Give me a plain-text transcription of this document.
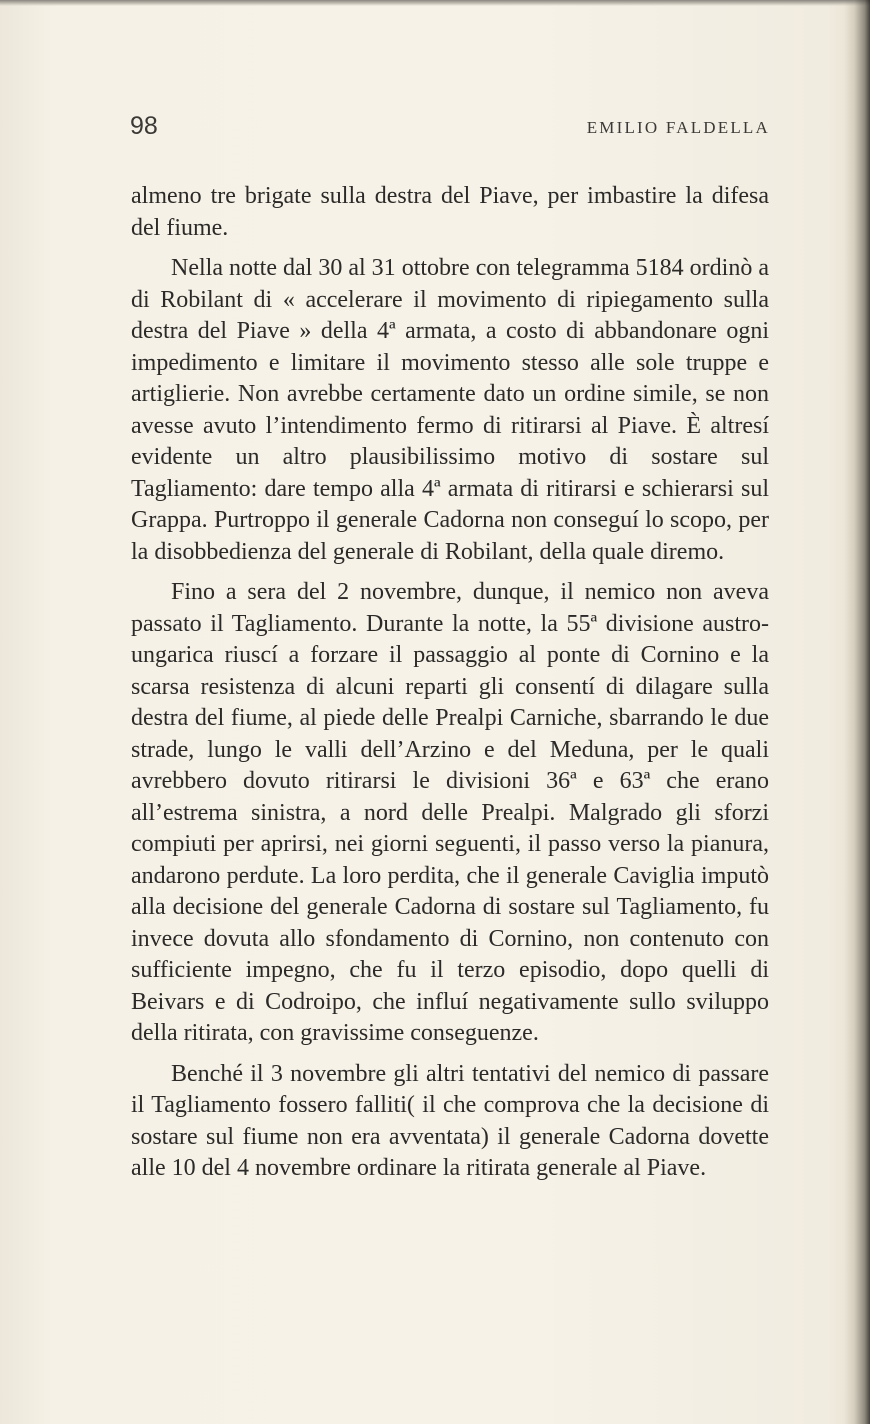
98	EMILIO FALDELLA

almeno tre brigate sulla destra del Piave, per imbastire la difesa del fiume.

Nella notte dal 30 al 31 ottobre con telegramma 5184 ordinò a di Robilant di « accelerare il movimento di ripiegamento sulla destra del Piave » della 4ª armata, a costo di abbandonare ogni impedimento e limitare il movimento stesso alle sole truppe e artiglierie. Non avrebbe certamente dato un ordine simile, se non avesse avuto l’intendimento fermo di ritirarsi al Piave. È altresí evidente un altro plausibilissimo motivo di sostare sul Tagliamento: dare tempo alla 4ª armata di ritirarsi e schierarsi sul Grappa. Purtroppo il generale Cadorna non conseguí lo scopo, per la disobbedienza del generale di Robilant, della quale diremo.

Fino a sera del 2 novembre, dunque, il nemico non aveva passato il Tagliamento. Durante la notte, la 55ª divisione austro-ungarica riuscí a forzare il passaggio al ponte di Cornino e la scarsa resistenza di alcuni reparti gli consentí di dilagare sulla destra del fiume, al piede delle Prealpi Carniche, sbarrando le due strade, lungo le valli dell’Arzino e del Meduna, per le quali avrebbero dovuto ritirarsi le divisioni 36ª e 63ª che erano all’estrema sinistra, a nord delle Prealpi. Malgrado gli sforzi compiuti per aprirsi, nei giorni seguenti, il passo verso la pianura, andarono perdute. La loro perdita, che il generale Caviglia imputò alla decisione del generale Cadorna di sostare sul Tagliamento, fu invece dovuta allo sfondamento di Cornino, non contenuto con sufficiente impegno, che fu il terzo episodio, dopo quelli di Beivars e di Codroipo, che influí negativamente sullo sviluppo della ritirata, con gravissime conseguenze.

Benché il 3 novembre gli altri tentativi del nemico di passare il Tagliamento fossero falliti( il che comprova che la decisione di sostare sul fiume non era avventata) il generale Cadorna dovette alle 10 del 4 novembre ordinare la ritirata generale al Piave.
